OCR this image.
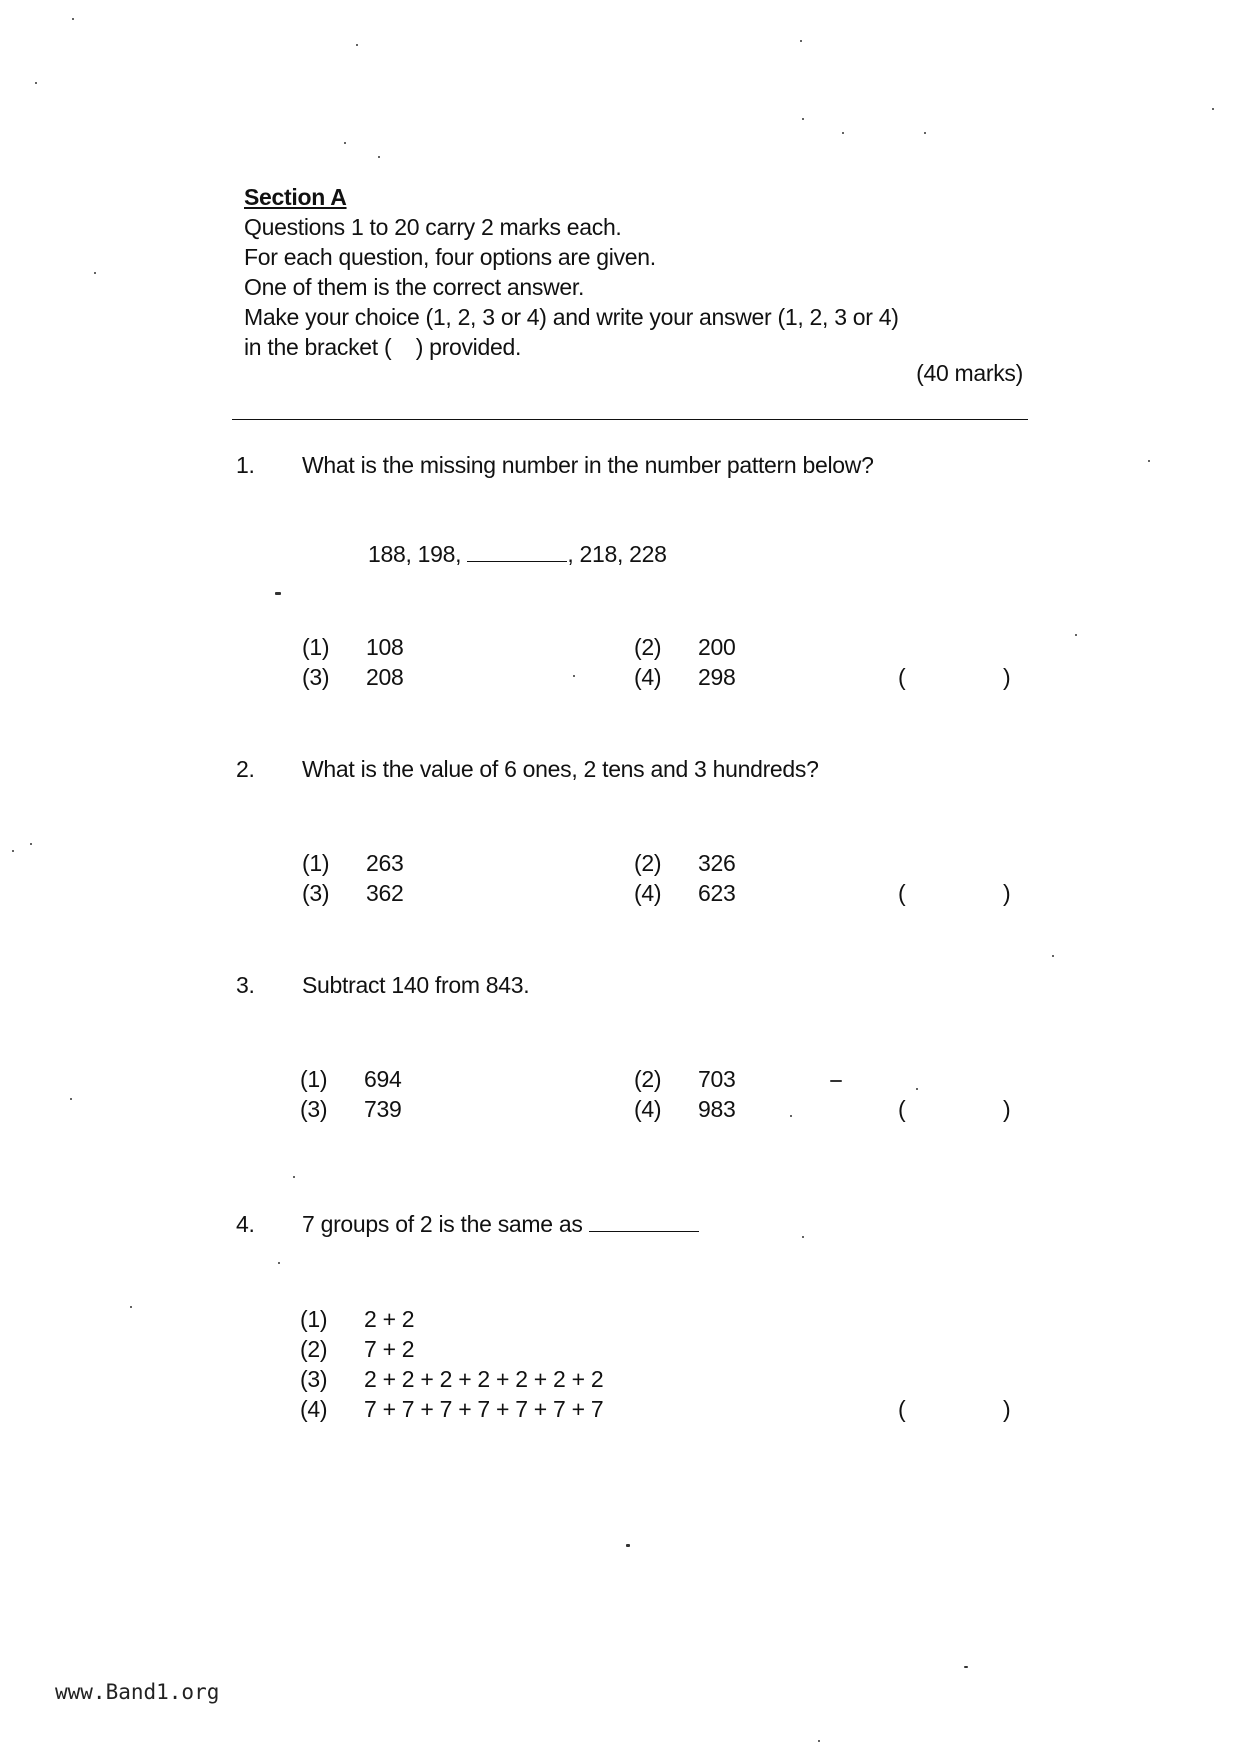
Section A
Questions 1 to 20 carry 2 marks each.
For each question, four options are given.
One of them is the correct answer.
Make your choice (1, 2, 3 or 4) and write your answer (1, 2, 3 or 4)
in the bracket (    ) provided.
(40 marks)
1. What is the missing number in the number pattern below?
188, 198,	, 218, 228
(1) 108	(2) 200
(3) 208	(4) 298	(	)
2. What is the value of 6 ones, 2 tens and 3 hundreds?
(1) 263	(2) 326
(3) 362	(4) 623	(	)
3. Subtract 140 from 843.
(1) 694	(2) 703
(3) 739	(4) 983	(	)
4. 7 groups of 2 is the same as
(1) 2 + 2
(2) 7 + 2
(3) 2 + 2 + 2 + 2 + 2 + 2 + 2
(4) 7 + 7 + 7 + 7 + 7 + 7 + 7	(	)
www.Band1.org
